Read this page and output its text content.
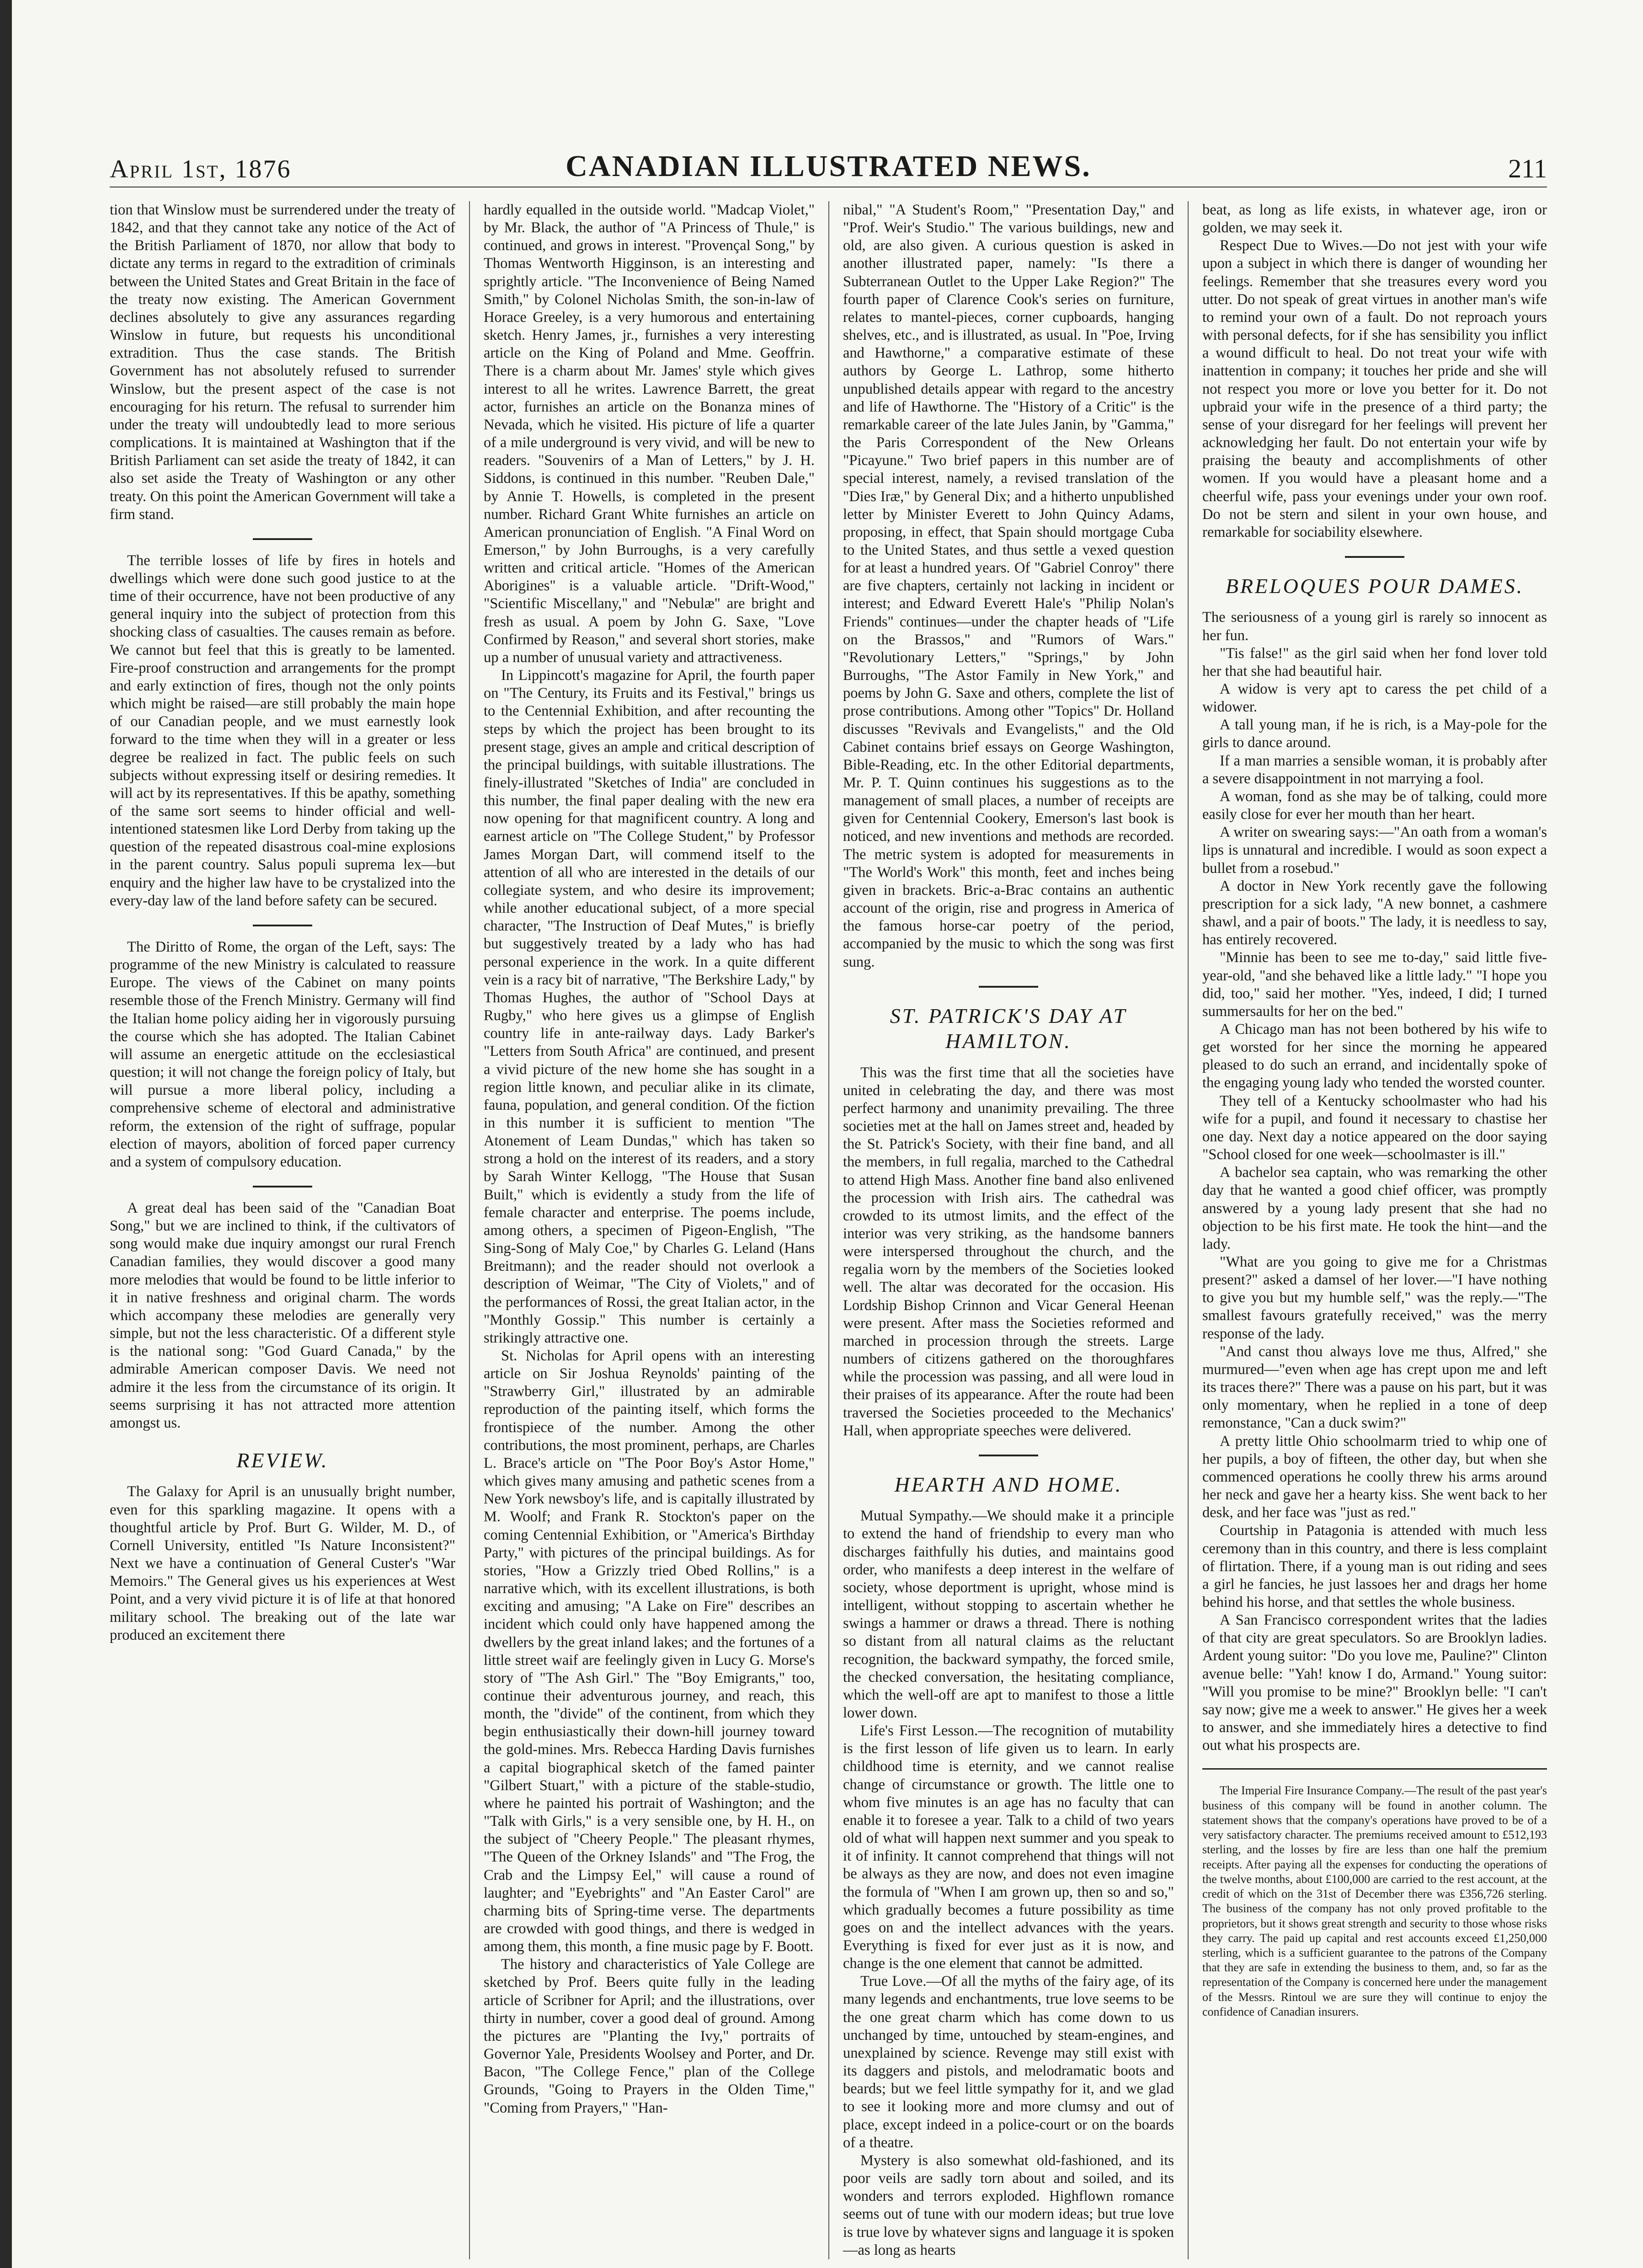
April 1st, 1876	CANADIAN ILLUSTRATED NEWS.	211

tion that Winslow must be surrendered under the treaty of 1842, and that they cannot take any notice of the Act of the British Parliament of 1870, nor allow that body to dictate any terms in regard to the extradition of criminals between the United States and Great Britain in the face of the treaty now existing. The American Government declines absolutely to give any assurances regarding Winslow in future, but requests his unconditional extradition. Thus the case stands. The British Government has not absolutely refused to surrender Winslow, but the present aspect of the case is not encouraging for his return. The refusal to surrender him under the treaty will undoubtedly lead to more serious complications. It is maintained at Washington that if the British Parliament can set aside the treaty of 1842, it can also set aside the Treaty of Washington or any other treaty. On this point the American Government will take a firm stand.

The terrible losses of life by fires in hotels and dwellings which were done such good justice to at the time of their occurrence, have not been productive of any general inquiry into the subject of protection from this shocking class of casualties. The causes remain as before. We cannot but feel that this is greatly to be lamented. Fire-proof construction and arrangements for the prompt and early extinction of fires, though not the only points which might be raised—are still probably the main hope of our Canadian people, and we must earnestly look forward to the time when they will in a greater or less degree be realized in fact. The public feels on such subjects without expressing itself or desiring remedies. It will act by its representatives. If this be apathy, something of the same sort seems to hinder official and well-intentioned statesmen like Lord Derby from taking up the question of the repeated disastrous coal-mine explosions in the parent country. Salus populi suprema lex—but enquiry and the higher law have to be crystalized into the every-day law of the land before safety can be secured.

The Diritto of Rome, the organ of the Left, says: The programme of the new Ministry is calculated to reassure Europe. The views of the Cabinet on many points resemble those of the French Ministry. Germany will find the Italian home policy aiding her in vigorously pursuing the course which she has adopted. The Italian Cabinet will assume an energetic attitude on the ecclesiastical question; it will not change the foreign policy of Italy, but will pursue a more liberal policy, including a comprehensive scheme of electoral and administrative reform, the extension of the right of suffrage, popular election of mayors, abolition of forced paper currency and a system of compulsory education.

A great deal has been said of the "Canadian Boat Song," but we are inclined to think, if the cultivators of song would make due inquiry amongst our rural French Canadian families, they would discover a good many more melodies that would be found to be little inferior to it in native freshness and original charm. The words which accompany these melodies are generally very simple, but not the less characteristic. Of a different style is the national song: "God Guard Canada," by the admirable American composer Davis. We need not admire it the less from the circumstance of its origin. It seems surprising it has not attracted more attention amongst us.

REVIEW.

The Galaxy for April is an unusually bright number, even for this sparkling magazine. It opens with a thoughtful article by Prof. Burt G. Wilder, M. D., of Cornell University, entitled "Is Nature Inconsistent?" Next we have a continuation of General Custer's "War Memoirs." The General gives us his experiences at West Point, and a very vivid picture it is of life at that honored military school. The breaking out of the late war produced an excitement there

hardly equalled in the outside world. "Madcap Violet," by Mr. Black, the author of "A Princess of Thule," is continued, and grows in interest. "Provençal Song," by Thomas Wentworth Higginson, is an interesting and sprightly article. "The Inconvenience of Being Named Smith," by Colonel Nicholas Smith, the son-in-law of Horace Greeley, is a very humorous and entertaining sketch. Henry James, jr., furnishes a very interesting article on the King of Poland and Mme. Geoffrin. There is a charm about Mr. James' style which gives interest to all he writes. Lawrence Barrett, the great actor, furnishes an article on the Bonanza mines of Nevada, which he visited. His picture of life a quarter of a mile underground is very vivid, and will be new to readers. "Souvenirs of a Man of Letters," by J. H. Siddons, is continued in this number. "Reuben Dale," by Annie T. Howells, is completed in the present number. Richard Grant White furnishes an article on American pronunciation of English. "A Final Word on Emerson," by John Burroughs, is a very carefully written and critical article. "Homes of the American Aborigines" is a valuable article. "Drift-Wood," "Scientific Miscellany," and "Nebulæ" are bright and fresh as usual. A poem by John G. Saxe, "Love Confirmed by Reason," and several short stories, make up a number of unusual variety and attractiveness.

In Lippincott's magazine for April, the fourth paper on "The Century, its Fruits and its Festival," brings us to the Centennial Exhibition, and after recounting the steps by which the project has been brought to its present stage, gives an ample and critical description of the principal buildings, with suitable illustrations. The finely-illustrated "Sketches of India" are concluded in this number, the final paper dealing with the new era now opening for that magnificent country. A long and earnest article on "The College Student," by Professor James Morgan Dart, will commend itself to the attention of all who are interested in the details of our collegiate system, and who desire its improvement; while another educational subject, of a more special character, "The Instruction of Deaf Mutes," is briefly but suggestively treated by a lady who has had personal experience in the work. In a quite different vein is a racy bit of narrative, "The Berkshire Lady," by Thomas Hughes, the author of "School Days at Rugby," who here gives us a glimpse of English country life in ante-railway days. Lady Barker's "Letters from South Africa" are continued, and present a vivid picture of the new home she has sought in a region little known, and peculiar alike in its climate, fauna, population, and general condition. Of the fiction in this number it is sufficient to mention "The Atonement of Leam Dundas," which has taken so strong a hold on the interest of its readers, and a story by Sarah Winter Kellogg, "The House that Susan Built," which is evidently a study from the life of female character and enterprise. The poems include, among others, a specimen of Pigeon-English, "The Sing-Song of Maly Coe," by Charles G. Leland (Hans Breitmann); and the reader should not overlook a description of Weimar, "The City of Violets," and of the performances of Rossi, the great Italian actor, in the "Monthly Gossip." This number is certainly a strikingly attractive one.

St. Nicholas for April opens with an interesting article on Sir Joshua Reynolds' painting of the "Strawberry Girl," illustrated by an admirable reproduction of the painting itself, which forms the frontispiece of the number. Among the other contributions, the most prominent, perhaps, are Charles L. Brace's article on "The Poor Boy's Astor Home," which gives many amusing and pathetic scenes from a New York newsboy's life, and is capitally illustrated by M. Woolf; and Frank R. Stockton's paper on the coming Centennial Exhibition, or "America's Birthday Party," with pictures of the principal buildings. As for stories, "How a Grizzly tried Obed Rollins," is a narrative which, with its excellent illustrations, is both exciting and amusing; "A Lake on Fire" describes an incident which could only have happened among the dwellers by the great inland lakes; and the fortunes of a little street waif are feelingly given in Lucy G. Morse's story of "The Ash Girl." The "Boy Emigrants," too, continue their adventurous journey, and reach, this month, the "divide" of the continent, from which they begin enthusiastically their down-hill journey toward the gold-mines. Mrs. Rebecca Harding Davis furnishes a capital biographical sketch of the famed painter "Gilbert Stuart," with a picture of the stable-studio, where he painted his portrait of Washington; and the "Talk with Girls," is a very sensible one, by H. H., on the subject of "Cheery People." The pleasant rhymes, "The Queen of the Orkney Islands" and "The Frog, the Crab and the Limpsy Eel," will cause a round of laughter; and "Eyebrights" and "An Easter Carol" are charming bits of Spring-time verse. The departments are crowded with good things, and there is wedged in among them, this month, a fine music page by F. Boott.

The history and characteristics of Yale College are sketched by Prof. Beers quite fully in the leading article of Scribner for April; and the illustrations, over thirty in number, cover a good deal of ground. Among the pictures are "Planting the Ivy," portraits of Governor Yale, Presidents Woolsey and Porter, and Dr. Bacon, "The College Fence," plan of the College Grounds, "Going to Prayers in the Olden Time," "Coming from Prayers," "Han-

nibal," "A Student's Room," "Presentation Day," and "Prof. Weir's Studio." The various buildings, new and old, are also given. A curious question is asked in another illustrated paper, namely: "Is there a Subterranean Outlet to the Upper Lake Region?" The fourth paper of Clarence Cook's series on furniture, relates to mantel-pieces, corner cupboards, hanging shelves, etc., and is illustrated, as usual. In "Poe, Irving and Hawthorne," a comparative estimate of these authors by George L. Lathrop, some hitherto unpublished details appear with regard to the ancestry and life of Hawthorne. The "History of a Critic" is the remarkable career of the late Jules Janin, by "Gamma," the Paris Correspondent of the New Orleans "Picayune." Two brief papers in this number are of special interest, namely, a revised translation of the "Dies Iræ," by General Dix; and a hitherto unpublished letter by Minister Everett to John Quincy Adams, proposing, in effect, that Spain should mortgage Cuba to the United States, and thus settle a vexed question for at least a hundred years. Of "Gabriel Conroy" there are five chapters, certainly not lacking in incident or interest; and Edward Everett Hale's "Philip Nolan's Friends" continues—under the chapter heads of "Life on the Brassos," and "Rumors of Wars." "Revolutionary Letters," "Springs," by John Burroughs, "The Astor Family in New York," and poems by John G. Saxe and others, complete the list of prose contributions. Among other "Topics" Dr. Holland discusses "Revivals and Evangelists," and the Old Cabinet contains brief essays on George Washington, Bible-Reading, etc. In the other Editorial departments, Mr. P. T. Quinn continues his suggestions as to the management of small places, a number of receipts are given for Centennial Cookery, Emerson's last book is noticed, and new inventions and methods are recorded. The metric system is adopted for measurements in "The World's Work" this month, feet and inches being given in brackets. Bric-a-Brac contains an authentic account of the origin, rise and progress in America of the famous horse-car poetry of the period, accompanied by the music to which the song was first sung.

ST. PATRICK'S DAY AT HAMILTON.

This was the first time that all the societies have united in celebrating the day, and there was most perfect harmony and unanimity prevailing. The three societies met at the hall on James street and, headed by the St. Patrick's Society, with their fine band, and all the members, in full regalia, marched to the Cathedral to attend High Mass. Another fine band also enlivened the procession with Irish airs. The cathedral was crowded to its utmost limits, and the effect of the interior was very striking, as the handsome banners were interspersed throughout the church, and the regalia worn by the members of the Societies looked well. The altar was decorated for the occasion. His Lordship Bishop Crinnon and Vicar General Heenan were present. After mass the Societies reformed and marched in procession through the streets. Large numbers of citizens gathered on the thoroughfares while the procession was passing, and all were loud in their praises of its appearance. After the route had been traversed the Societies proceeded to the Mechanics' Hall, when appropriate speeches were delivered.

HEARTH AND HOME.

Mutual Sympathy.—We should make it a principle to extend the hand of friendship to every man who discharges faithfully his duties, and maintains good order, who manifests a deep interest in the welfare of society, whose deportment is upright, whose mind is intelligent, without stopping to ascertain whether he swings a hammer or draws a thread. There is nothing so distant from all natural claims as the reluctant recognition, the backward sympathy, the forced smile, the checked conversation, the hesitating compliance, which the well-off are apt to manifest to those a little lower down.

Life's First Lesson.—The recognition of mutability is the first lesson of life given us to learn. In early childhood time is eternity, and we cannot realise change of circumstance or growth. The little one to whom five minutes is an age has no faculty that can enable it to foresee a year. Talk to a child of two years old of what will happen next summer and you speak to it of infinity. It cannot comprehend that things will not be always as they are now, and does not even imagine the formula of "When I am grown up, then so and so," which gradually becomes a future possibility as time goes on and the intellect advances with the years. Everything is fixed for ever just as it is now, and change is the one element that cannot be admitted.

True Love.—Of all the myths of the fairy age, of its many legends and enchantments, true love seems to be the one great charm which has come down to us unchanged by time, untouched by steam-engines, and unexplained by science. Revenge may still exist with its daggers and pistols, and melodramatic boots and beards; but we feel little sympathy for it, and we glad to see it looking more and more clumsy and out of place, except indeed in a police-court or on the boards of a theatre.

Mystery is also somewhat old-fashioned, and its poor veils are sadly torn about and soiled, and its wonders and terrors exploded. Highflown romance seems out of tune with our modern ideas; but true love is true love by whatever signs and language it is spoken—as long as hearts

beat, as long as life exists, in whatever age, iron or golden, we may seek it.

Respect Due to Wives.—Do not jest with your wife upon a subject in which there is danger of wounding her feelings. Remember that she treasures every word you utter. Do not speak of great virtues in another man's wife to remind your own of a fault. Do not reproach yours with personal defects, for if she has sensibility you inflict a wound difficult to heal. Do not treat your wife with inattention in company; it touches her pride and she will not respect you more or love you better for it. Do not upbraid your wife in the presence of a third party; the sense of your disregard for her feelings will prevent her acknowledging her fault. Do not entertain your wife by praising the beauty and accomplishments of other women. If you would have a pleasant home and a cheerful wife, pass your evenings under your own roof. Do not be stern and silent in your own house, and remarkable for sociability elsewhere.

BRELOQUES POUR DAMES.

The seriousness of a young girl is rarely so innocent as her fun.

"Tis false!" as the girl said when her fond lover told her that she had beautiful hair.

A widow is very apt to caress the pet child of a widower.

A tall young man, if he is rich, is a May-pole for the girls to dance around.

If a man marries a sensible woman, it is probably after a severe disappointment in not marrying a fool.

A woman, fond as she may be of talking, could more easily close for ever her mouth than her heart.

A writer on swearing says:—"An oath from a woman's lips is unnatural and incredible. I would as soon expect a bullet from a rosebud."

A doctor in New York recently gave the following prescription for a sick lady, "A new bonnet, a cashmere shawl, and a pair of boots." The lady, it is needless to say, has entirely recovered.

"Minnie has been to see me to-day," said little five-year-old, "and she behaved like a little lady." "I hope you did, too," said her mother. "Yes, indeed, I did; I turned summersaults for her on the bed."

A Chicago man has not been bothered by his wife to get worsted for her since the morning he appeared pleased to do such an errand, and incidentally spoke of the engaging young lady who tended the worsted counter.

They tell of a Kentucky schoolmaster who had his wife for a pupil, and found it necessary to chastise her one day. Next day a notice appeared on the door saying "School closed for one week—schoolmaster is ill."

A bachelor sea captain, who was remarking the other day that he wanted a good chief officer, was promptly answered by a young lady present that she had no objection to be his first mate. He took the hint—and the lady.

"What are you going to give me for a Christmas present?" asked a damsel of her lover.—"I have nothing to give you but my humble self," was the reply.—"The smallest favours gratefully received," was the merry response of the lady.

"And canst thou always love me thus, Alfred," she murmured—"even when age has crept upon me and left its traces there?" There was a pause on his part, but it was only momentary, when he replied in a tone of deep remonstance, "Can a duck swim?"

A pretty little Ohio schoolmarm tried to whip one of her pupils, a boy of fifteen, the other day, but when she commenced operations he coolly threw his arms around her neck and gave her a hearty kiss. She went back to her desk, and her face was "just as red."

Courtship in Patagonia is attended with much less ceremony than in this country, and there is less complaint of flirtation. There, if a young man is out riding and sees a girl he fancies, he just lassoes her and drags her home behind his horse, and that settles the whole business.

A San Francisco correspondent writes that the ladies of that city are great speculators. So are Brooklyn ladies. Ardent young suitor: "Do you love me, Pauline?" Clinton avenue belle: "Yah! know I do, Armand." Young suitor: "Will you promise to be mine?" Brooklyn belle: "I can't say now; give me a week to answer." He gives her a week to answer, and she immediately hires a detective to find out what his prospects are.

The Imperial Fire Insurance Company.—The result of the past year's business of this company will be found in another column. The statement shows that the company's operations have proved to be of a very satisfactory character. The premiums received amount to £512,193 sterling, and the losses by fire are less than one half the premium receipts. After paying all the expenses for conducting the operations of the twelve months, about £100,000 are carried to the rest account, at the credit of which on the 31st of December there was £356,726 sterling. The business of the company has not only proved profitable to the proprietors, but it shows great strength and security to those whose risks they carry. The paid up capital and rest accounts exceed £1,250,000 sterling, which is a sufficient guarantee to the patrons of the Company that they are safe in extending the business to them, and, so far as the representation of the Company is concerned here under the management of the Messrs. Rintoul we are sure they will continue to enjoy the confidence of Canadian insurers.
